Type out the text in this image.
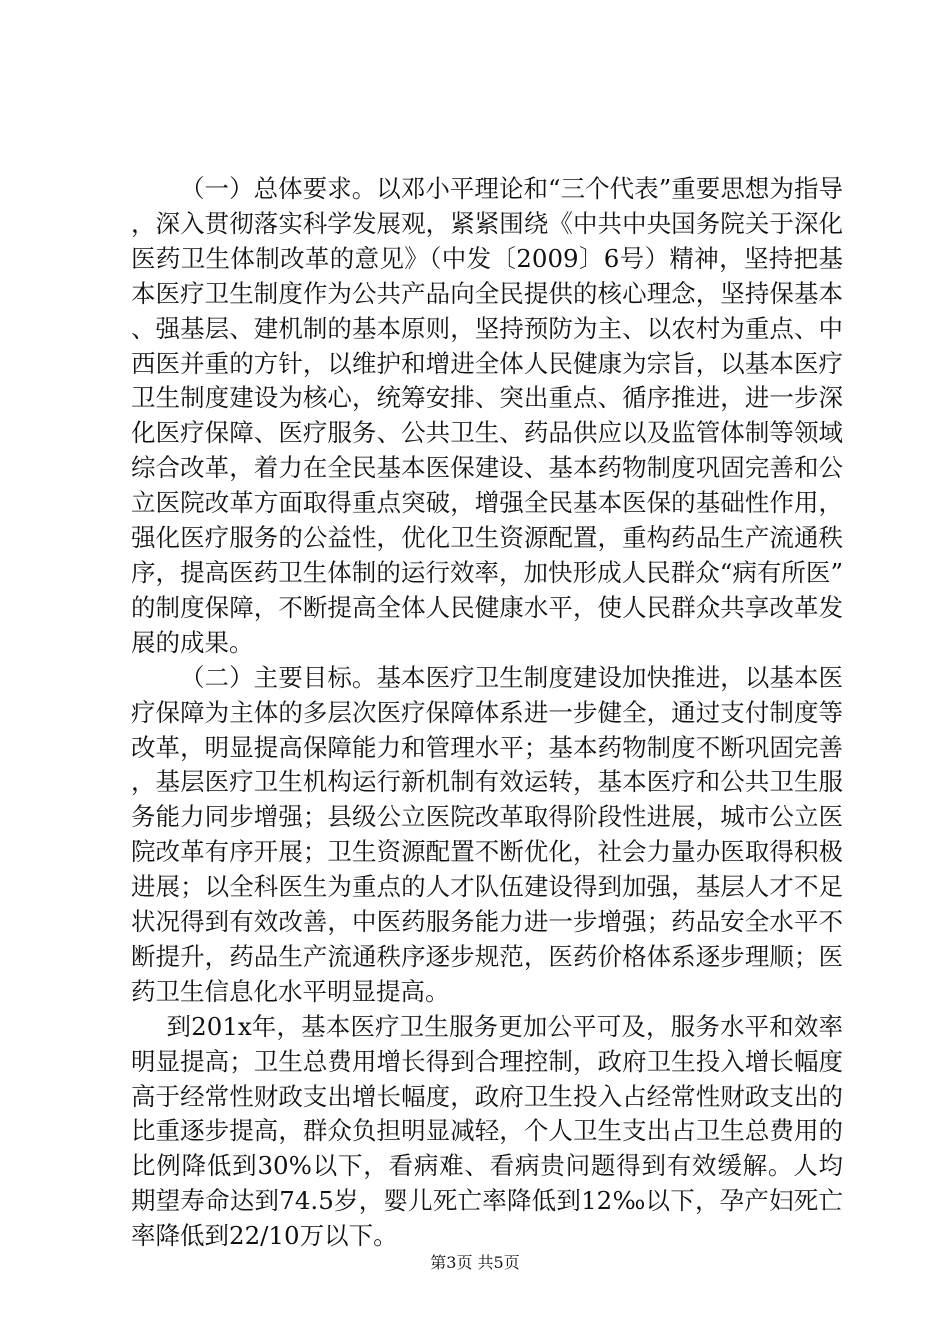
（一）总体要求。以邓小平理论和“三个代表”重要思想为指导，深入贯彻落实科学发展观，紧紧围绕《中共中央国务院关于深化医药卫生体制改革的意见》（中发〔2009〕6号）精神，坚持把基本医疗卫生制度作为公共产品向全民提供的核心理念，坚持保基本、强基层、建机制的基本原则，坚持预防为主、以农村为重点、中西医并重的方针，以维护和增进全体人民健康为宗旨，以基本医疗卫生制度建设为核心，统筹安排、突出重点、循序推进，进一步深化医疗保障、医疗服务、公共卫生、药品供应以及监管体制等领域综合改革，着力在全民基本医保建设、基本药物制度巩固完善和公立医院改革方面取得重点突破，增强全民基本医保的基础性作用，强化医疗服务的公益性，优化卫生资源配置，重构药品生产流通秩序，提高医药卫生体制的运行效率，加快形成人民群众“病有所医”的制度保障，不断提高全体人民健康水平，使人民群众共享改革发展的成果。

（二）主要目标。基本医疗卫生制度建设加快推进，以基本医疗保障为主体的多层次医疗保障体系进一步健全，通过支付制度等改革，明显提高保障能力和管理水平；基本药物制度不断巩固完善，基层医疗卫生机构运行新机制有效运转，基本医疗和公共卫生服务能力同步增强；县级公立医院改革取得阶段性进展，城市公立医院改革有序开展；卫生资源配置不断优化，社会力量办医取得积极进展；以全科医生为重点的人才队伍建设得到加强，基层人才不足状况得到有效改善，中医药服务能力进一步增强；药品安全水平不断提升，药品生产流通秩序逐步规范，医药价格体系逐步理顺；医药卫生信息化水平明显提高。

到201x年，基本医疗卫生服务更加公平可及，服务水平和效率明显提高；卫生总费用增长得到合理控制，政府卫生投入增长幅度高于经常性财政支出增长幅度，政府卫生投入占经常性财政支出的比重逐步提高，群众负担明显减轻，个人卫生支出占卫生总费用的比例降低到30%以下，看病难、看病贵问题得到有效缓解。人均期望寿命达到74.5岁，婴儿死亡率降低到12‰以下，孕产妇死亡率降低到22/10万以下。

第3页 共5页
